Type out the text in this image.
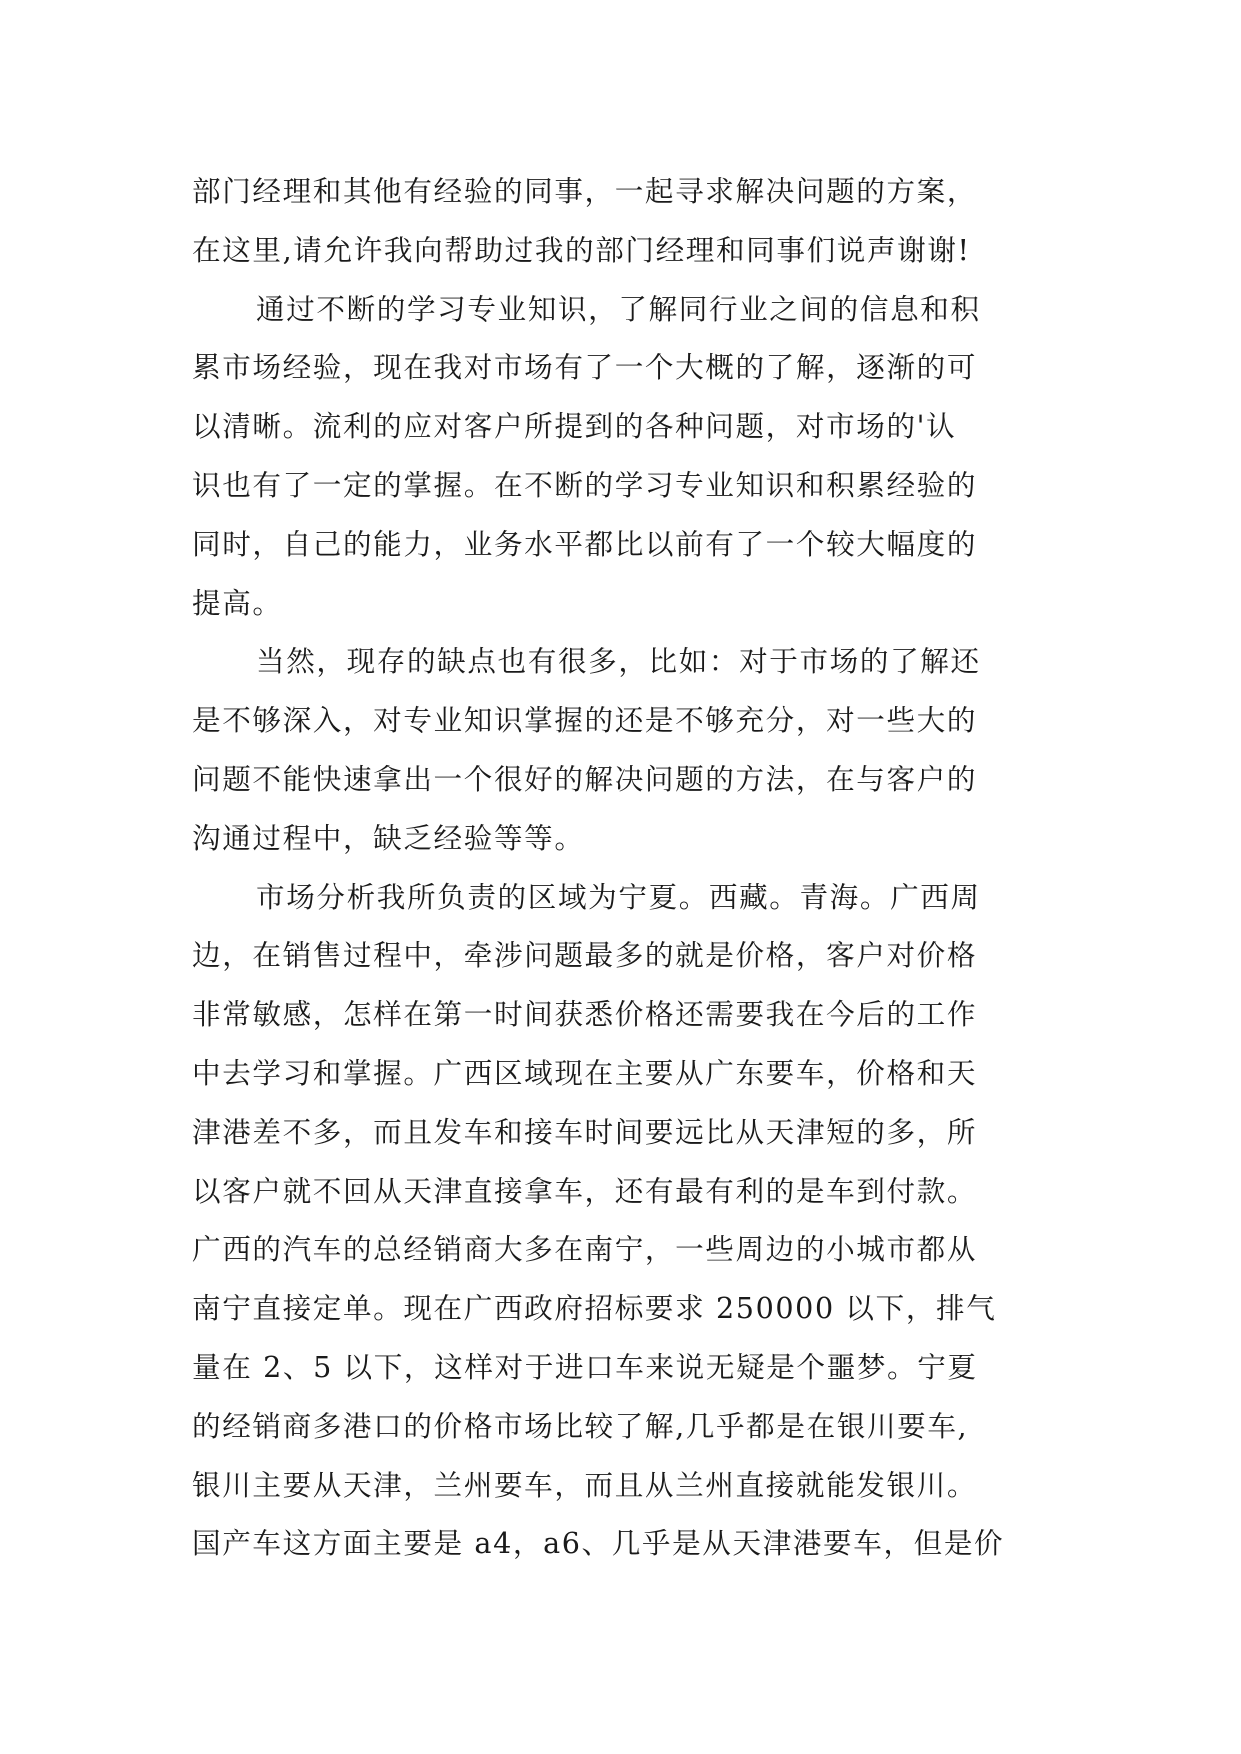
部门经理和其他有经验的同事，一起寻求解决问题的方案，
在这里,请允许我向帮助过我的部门经理和同事们说声谢谢!
通过不断的学习专业知识，了解同行业之间的信息和积
累市场经验，现在我对市场有了一个大概的了解，逐渐的可
以清晰。流利的应对客户所提到的各种问题，对市场的'认
识也有了一定的掌握。在不断的学习专业知识和积累经验的
同时，自己的能力，业务水平都比以前有了一个较大幅度的
提高。
当然，现存的缺点也有很多，比如：对于市场的了解还
是不够深入，对专业知识掌握的还是不够充分，对一些大的
问题不能快速拿出一个很好的解决问题的方法，在与客户的
沟通过程中，缺乏经验等等。
市场分析我所负责的区域为宁夏。西藏。青海。广西周
边，在销售过程中，牵涉问题最多的就是价格，客户对价格
非常敏感，怎样在第一时间获悉价格还需要我在今后的工作
中去学习和掌握。广西区域现在主要从广东要车，价格和天
津港差不多，而且发车和接车时间要远比从天津短的多，所
以客户就不回从天津直接拿车，还有最有利的是车到付款。
广西的汽车的总经销商大多在南宁，一些周边的小城市都从
南宁直接定单。现在广西政府招标要求 250000 以下，排气
量在 2、5 以下，这样对于进口车来说无疑是个噩梦。宁夏
的经销商多港口的价格市场比较了解,几乎都是在银川要车,
银川主要从天津，兰州要车，而且从兰州直接就能发银川。
国产车这方面主要是 a4，a6、几乎是从天津港要车，但是价
